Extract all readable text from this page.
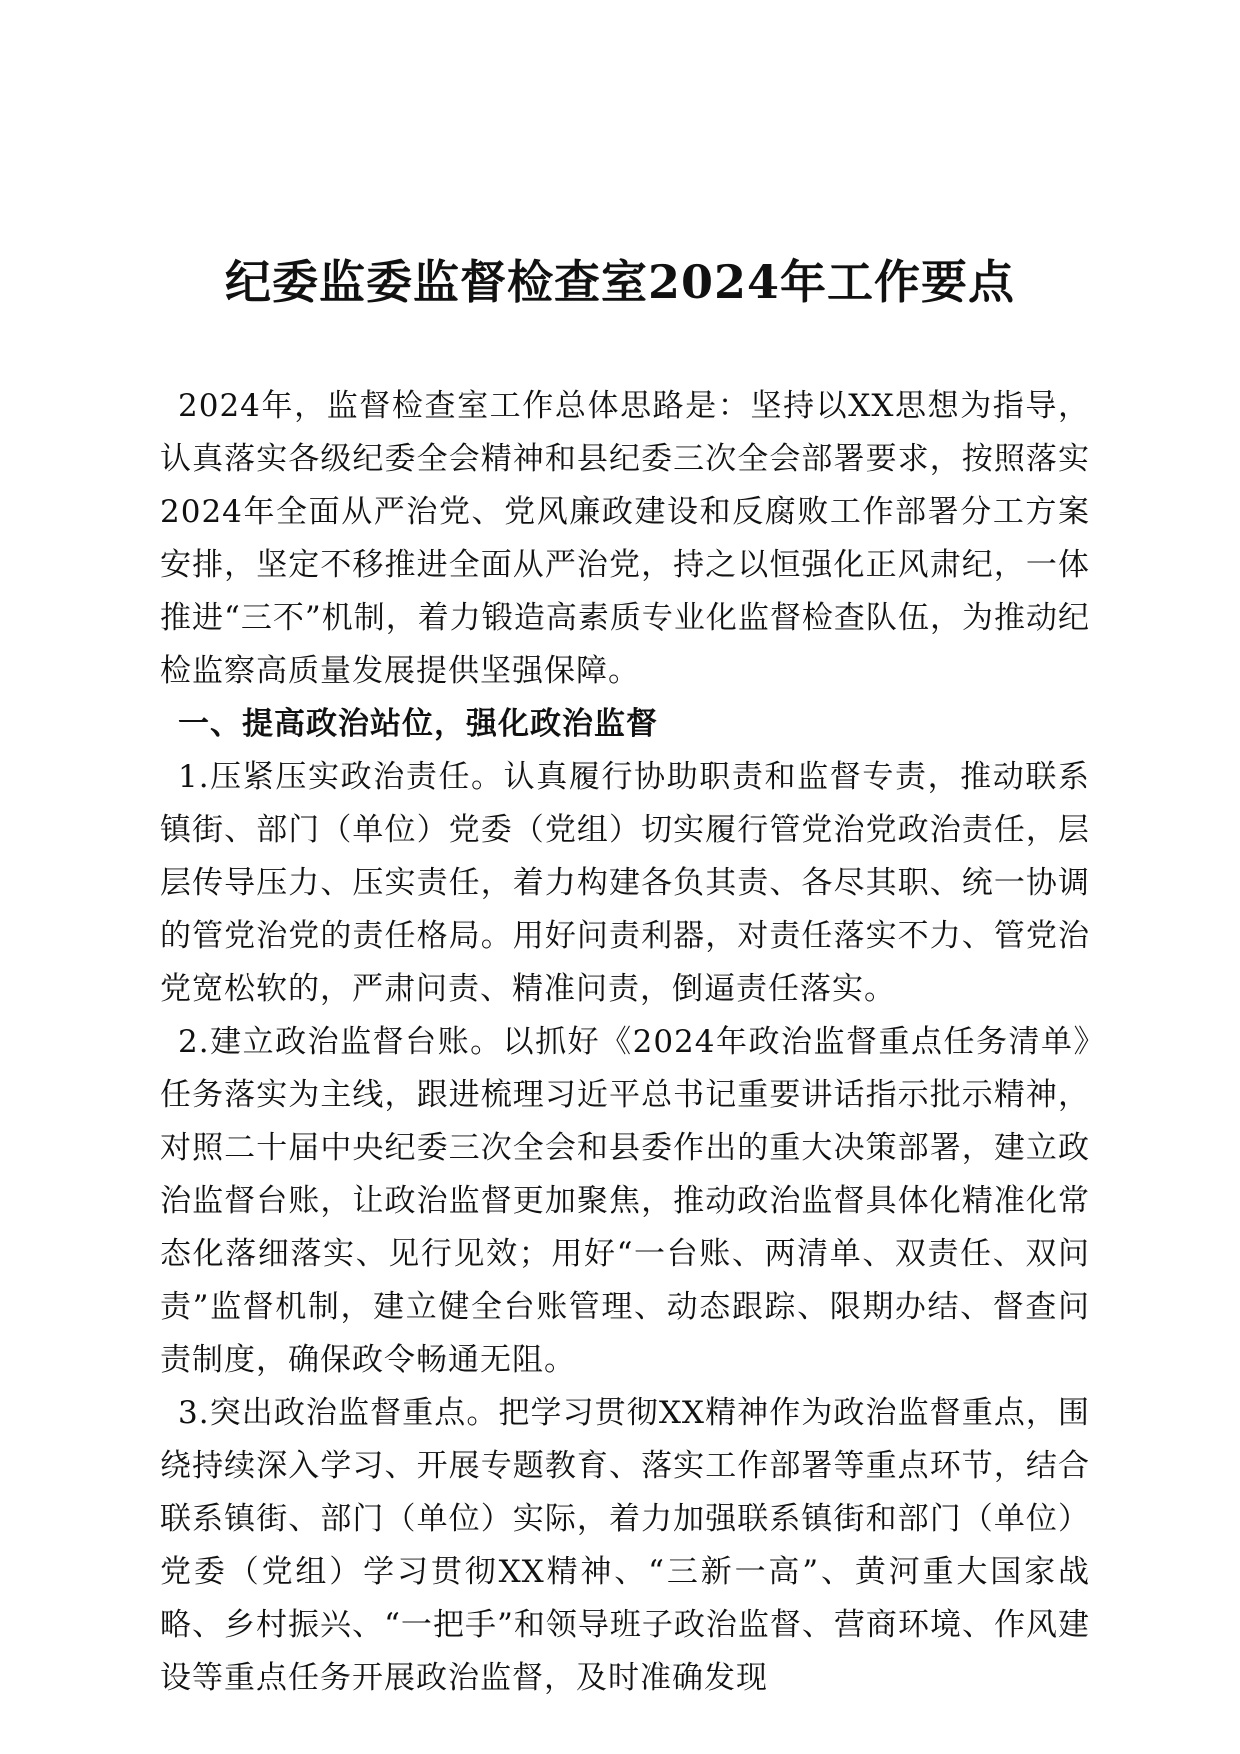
纪委监委监督检查室2024年工作要点

2024年，监督检查室工作总体思路是：坚持以XX思想为指导，认真落实各级纪委全会精神和县纪委三次全会部署要求，按照落实2024年全面从严治党、党风廉政建设和反腐败工作部署分工方案安排，坚定不移推进全面从严治党，持之以恒强化正风肃纪，一体推进“三不”机制，着力锻造高素质专业化监督检查队伍，为推动纪检监察高质量发展提供坚强保障。

一、提高政治站位，强化政治监督

1.压紧压实政治责任。认真履行协助职责和监督专责，推动联系镇街、部门（单位）党委（党组）切实履行管党治党政治责任，层层传导压力、压实责任，着力构建各负其责、各尽其职、统一协调的管党治党的责任格局。用好问责利器，对责任落实不力、管党治党宽松软的，严肃问责、精准问责，倒逼责任落实。

2.建立政治监督台账。以抓好《2024年政治监督重点任务清单》任务落实为主线，跟进梳理习近平总书记重要讲话指示批示精神，对照二十届中央纪委三次全会和县委作出的重大决策部署，建立政治监督台账，让政治监督更加聚焦，推动政治监督具体化精准化常态化落细落实、见行见效；用好“一台账、两清单、双责任、双问责”监督机制，建立健全台账管理、动态跟踪、限期办结、督查问责制度，确保政令畅通无阻。

3.突出政治监督重点。把学习贯彻XX精神作为政治监督重点，围绕持续深入学习、开展专题教育、落实工作部署等重点环节，结合联系镇街、部门（单位）实际，着力加强联系镇街和部门（单位）党委（党组）学习贯彻XX精神、“三新一高”、黄河重大国家战略、乡村振兴、“一把手”和领导班子政治监督、营商环境、作风建设等重点任务开展政治监督，及时准确发现
